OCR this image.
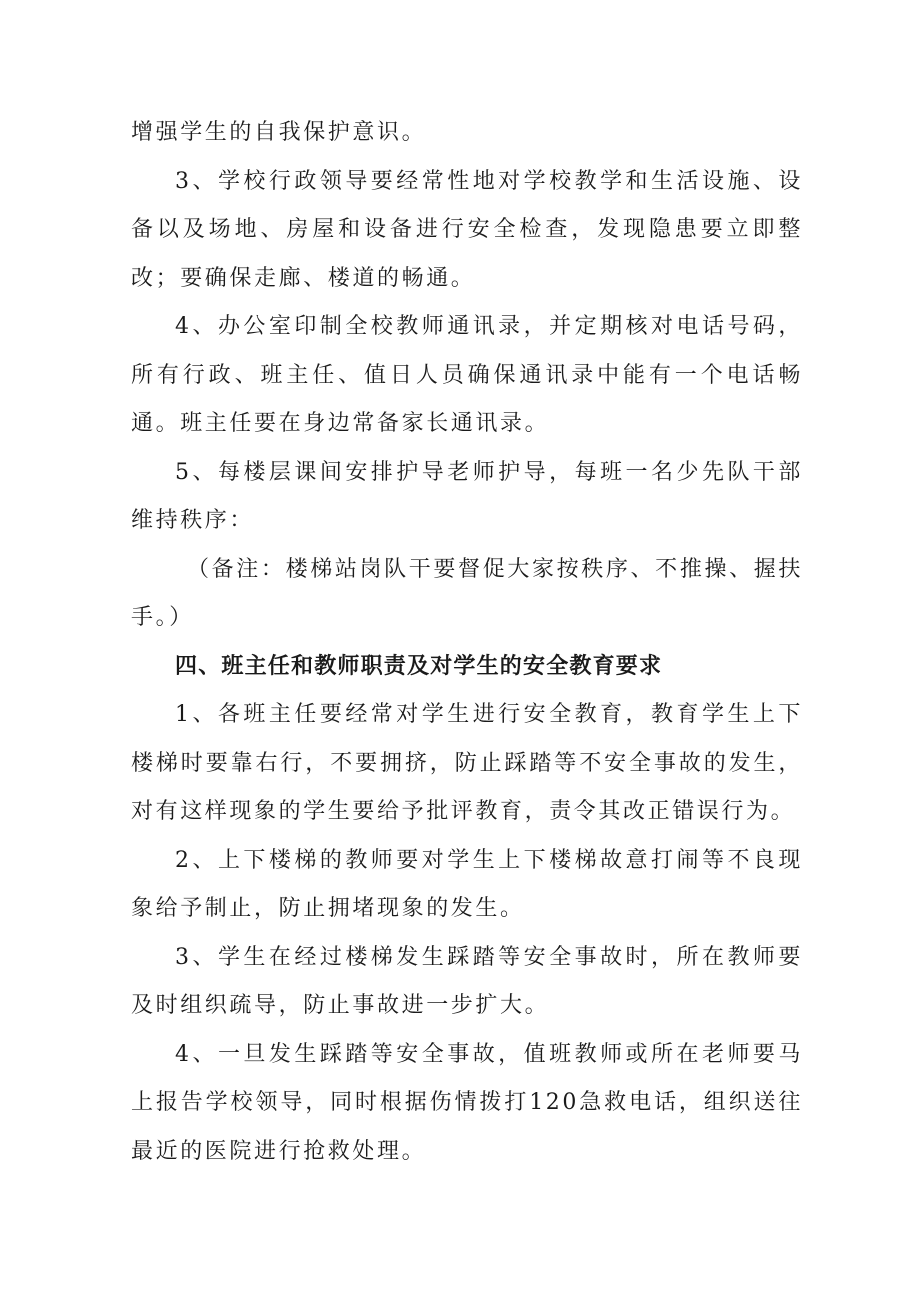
增强学生的自我保护意识。

3、学校行政领导要经常性地对学校教学和生活设施、设备以及场地、房屋和设备进行安全检查，发现隐患要立即整改；要确保走廊、楼道的畅通。

4、办公室印制全校教师通讯录，并定期核对电话号码，所有行政、班主任、值日人员确保通讯录中能有一个电话畅通。班主任要在身边常备家长通讯录。

5、每楼层课间安排护导老师护导，每班一名少先队干部维持秩序：

（备注：楼梯站岗队干要督促大家按秩序、不推操、握扶手。）

四、班主任和教师职责及对学生的安全教育要求

1、各班主任要经常对学生进行安全教育，教育学生上下楼梯时要靠右行，不要拥挤，防止踩踏等不安全事故的发生，对有这样现象的学生要给予批评教育，责令其改正错误行为。

2、上下楼梯的教师要对学生上下楼梯故意打闹等不良现象给予制止，防止拥堵现象的发生。

3、学生在经过楼梯发生踩踏等安全事故时，所在教师要及时组织疏导，防止事故进一步扩大。

4、一旦发生踩踏等安全事故，值班教师或所在老师要马上报告学校领导，同时根据伤情拨打120急救电话，组织送往最近的医院进行抢救处理。
